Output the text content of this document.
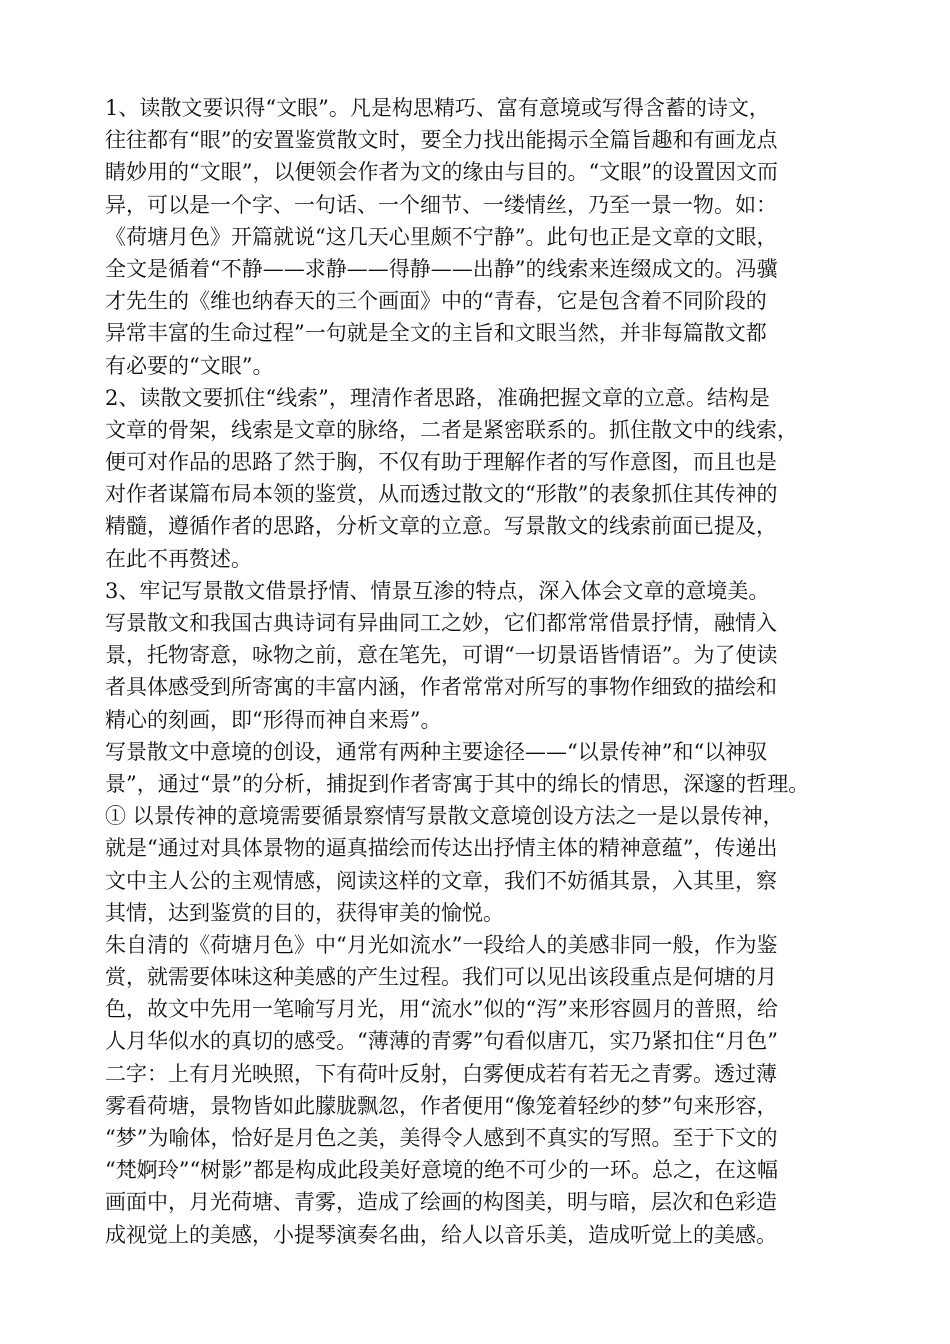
1、读散文要识得“文眼”。凡是构思精巧、富有意境或写得含蓄的诗文，
往往都有“眼”的安置鉴赏散文时，要全力找出能揭示全篇旨趣和有画龙点
睛妙用的“文眼”，以便领会作者为文的缘由与目的。“文眼”的设置因文而
异，可以是一个字、一句话、一个细节、一缕情丝，乃至一景一物。如：
《荷塘月色》开篇就说“这几天心里颇不宁静”。此句也正是文章的文眼，
全文是循着“不静——求静——得静——出静”的线索来连缀成文的。冯骥
才先生的《维也纳春天的三个画面》中的“青春，它是包含着不同阶段的
异常丰富的生命过程”一句就是全文的主旨和文眼当然，并非每篇散文都
有必要的“文眼”。
2、读散文要抓住“线索”，理清作者思路，准确把握文章的立意。结构是
文章的骨架，线索是文章的脉络，二者是紧密联系的。抓住散文中的线索，
便可对作品的思路了然于胸，不仅有助于理解作者的写作意图，而且也是
对作者谋篇布局本领的鉴赏，从而透过散文的“形散”的表象抓住其传神的
精髓，遵循作者的思路，分析文章的立意。写景散文的线索前面已提及，
在此不再赘述。
3、牢记写景散文借景抒情、情景互渗的特点，深入体会文章的意境美。
写景散文和我国古典诗词有异曲同工之妙，它们都常常借景抒情，融情入
景，托物寄意，咏物之前，意在笔先，可谓“一切景语皆情语”。为了使读
者具体感受到所寄寓的丰富内涵，作者常常对所写的事物作细致的描绘和
精心的刻画，即“形得而神自来焉”。
写景散文中意境的创设，通常有两种主要途径——“以景传神”和“以神驭
景”，通过“景”的分析，捕捉到作者寄寓于其中的绵长的情思，深邃的哲理。
① 以景传神的意境需要循景察情写景散文意境创设方法之一是以景传神，
就是“通过对具体景物的逼真描绘而传达出抒情主体的精神意蕴”，传递出
文中主人公的主观情感，阅读这样的文章，我们不妨循其景，入其里，察
其情，达到鉴赏的目的，获得审美的愉悦。
朱自清的《荷塘月色》中“月光如流水”一段给人的美感非同一般，作为鉴
赏，就需要体味这种美感的产生过程。我们可以见出该段重点是何塘的月
色，故文中先用一笔喻写月光，用“流水”似的“泻”来形容圆月的普照，给
人月华似水的真切的感受。“薄薄的青雾”句看似唐兀，实乃紧扣住“月色”
二字：上有月光映照，下有荷叶反射，白雾便成若有若无之青雾。透过薄
雾看荷塘，景物皆如此朦胧飘忽，作者便用“像笼着轻纱的梦”句来形容，
“梦”为喻体，恰好是月色之美，美得令人感到不真实的写照。至于下文的
“梵婀玲”“树影”都是构成此段美好意境的绝不可少的一环。总之，在这幅
画面中，月光荷塘、青雾，造成了绘画的构图美，明与暗，层次和色彩造
成视觉上的美感，小提琴演奏名曲，给人以音乐美，造成听觉上的美感。
